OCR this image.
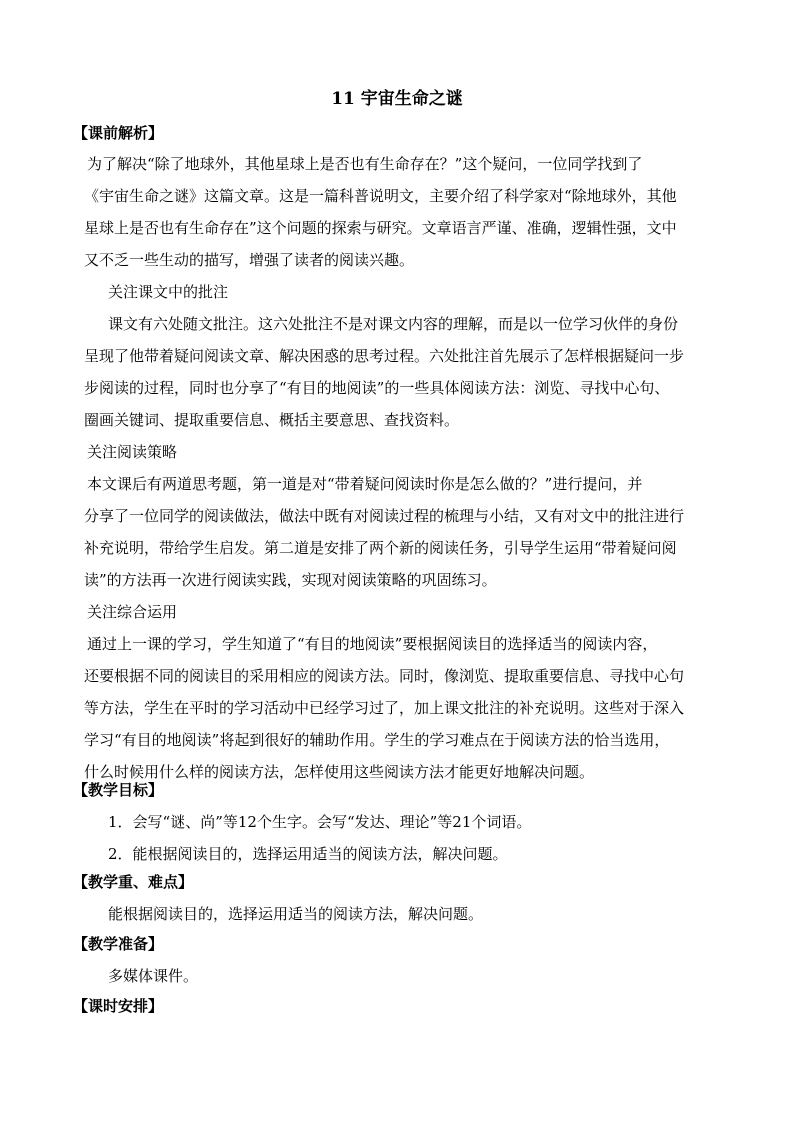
11 宇宙生命之谜
【课前解析】
为了解决“除了地球外，其他星球上是否也有生命存在？”这个疑问，一位同学找到了
《宇宙生命之谜》这篇文章。这是一篇科普说明文，主要介绍了科学家对“除地球外，其他
星球上是否也有生命存在”这个问题的探索与研究。文章语言严谨、准确，逻辑性强，文中
又不乏一些生动的描写，增强了读者的阅读兴趣。
关注课文中的批注
课文有六处随文批注。这六处批注不是对课文内容的理解，而是以一位学习伙伴的身份
呈现了他带着疑问阅读文章、解决困惑的思考过程。六处批注首先展示了怎样根据疑问一步
步阅读的过程，同时也分享了“有目的地阅读”的一些具体阅读方法：浏览、寻找中心句、
圈画关键词、提取重要信息、概括主要意思、查找资料。
关注阅读策略
本文课后有两道思考题，第一道是对“带着疑问阅读时你是怎么做的？”进行提问，并
分享了一位同学的阅读做法，做法中既有对阅读过程的梳理与小结，又有对文中的批注进行
补充说明，带给学生启发。第二道是安排了两个新的阅读任务，引导学生运用“带着疑问阅
读”的方法再一次进行阅读实践，实现对阅读策略的巩固练习。
关注综合运用
通过上一课的学习，学生知道了“有目的地阅读”要根据阅读目的选择适当的阅读内容，
还要根据不同的阅读目的采用相应的阅读方法。同时，像浏览、提取重要信息、寻找中心句
等方法，学生在平时的学习活动中已经学习过了，加上课文批注的补充说明。这些对于深入
学习“有目的地阅读”将起到很好的辅助作用。学生的学习难点在于阅读方法的恰当选用，
什么时候用什么样的阅读方法，怎样使用这些阅读方法才能更好地解决问题。
【教学目标】
1．会写“谜、尚”等12个生字。会写“发达、理论”等21个词语。
2．能根据阅读目的，选择运用适当的阅读方法，解决问题。
【教学重、难点】
能根据阅读目的，选择运用适当的阅读方法，解决问题。
【教学准备】
多媒体课件。
【课时安排】
